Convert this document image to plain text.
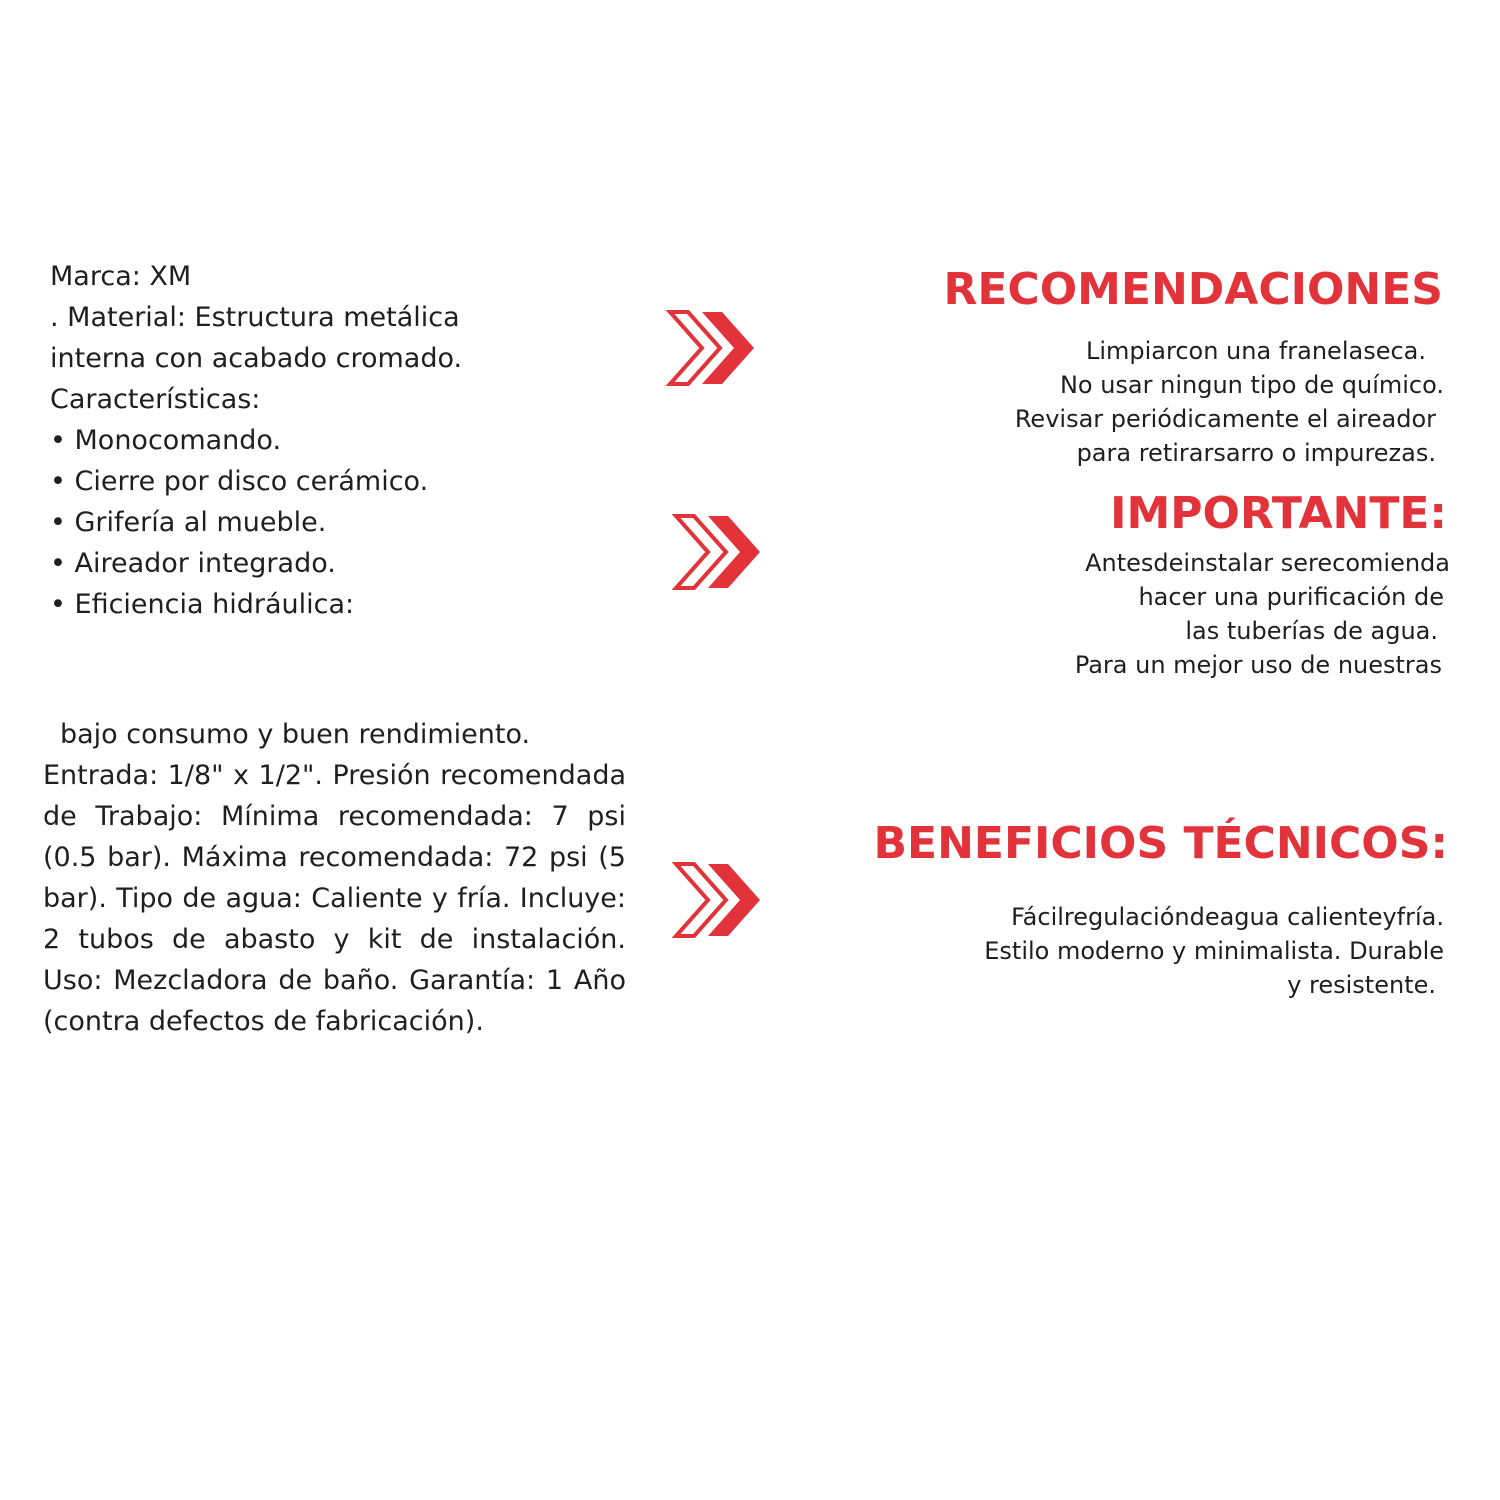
Marca: XM
. Material: Estructura metálica
interna con acabado cromado.
Características:
• Monocomando.
• Cierre por disco cerámico.
• Grifería al mueble.
• Aireador integrado.
• Eficiencia hidráulica:
bajo consumo y buen rendimiento.
Entrada: 1/8" x 1/2". Presión recomendada de Trabajo: Mínima recomendada: 7 psi (0.5 bar). Máxima recomendada: 72 psi (5 bar). Tipo de agua: Caliente y fría. Incluye: 2 tubos de abasto y kit de instalación. Uso: Mezcladora de baño. Garantía: 1 Año (contra defectos de fabricación).
RECOMENDACIONES
Limpiarcon una franelaseca.
No usar ningun tipo de químico.
Revisar periódicamente el aireador
para retirarsarro o impurezas.
IMPORTANTE:
Antesdeinstalar serecomienda
hacer una purificación de
las tuberías de agua.
Para un mejor uso de nuestras
BENEFICIOS TÉCNICOS:
Fácilregulacióndeagua calienteyfría.
Estilo moderno y minimalista. Durable
y resistente.
